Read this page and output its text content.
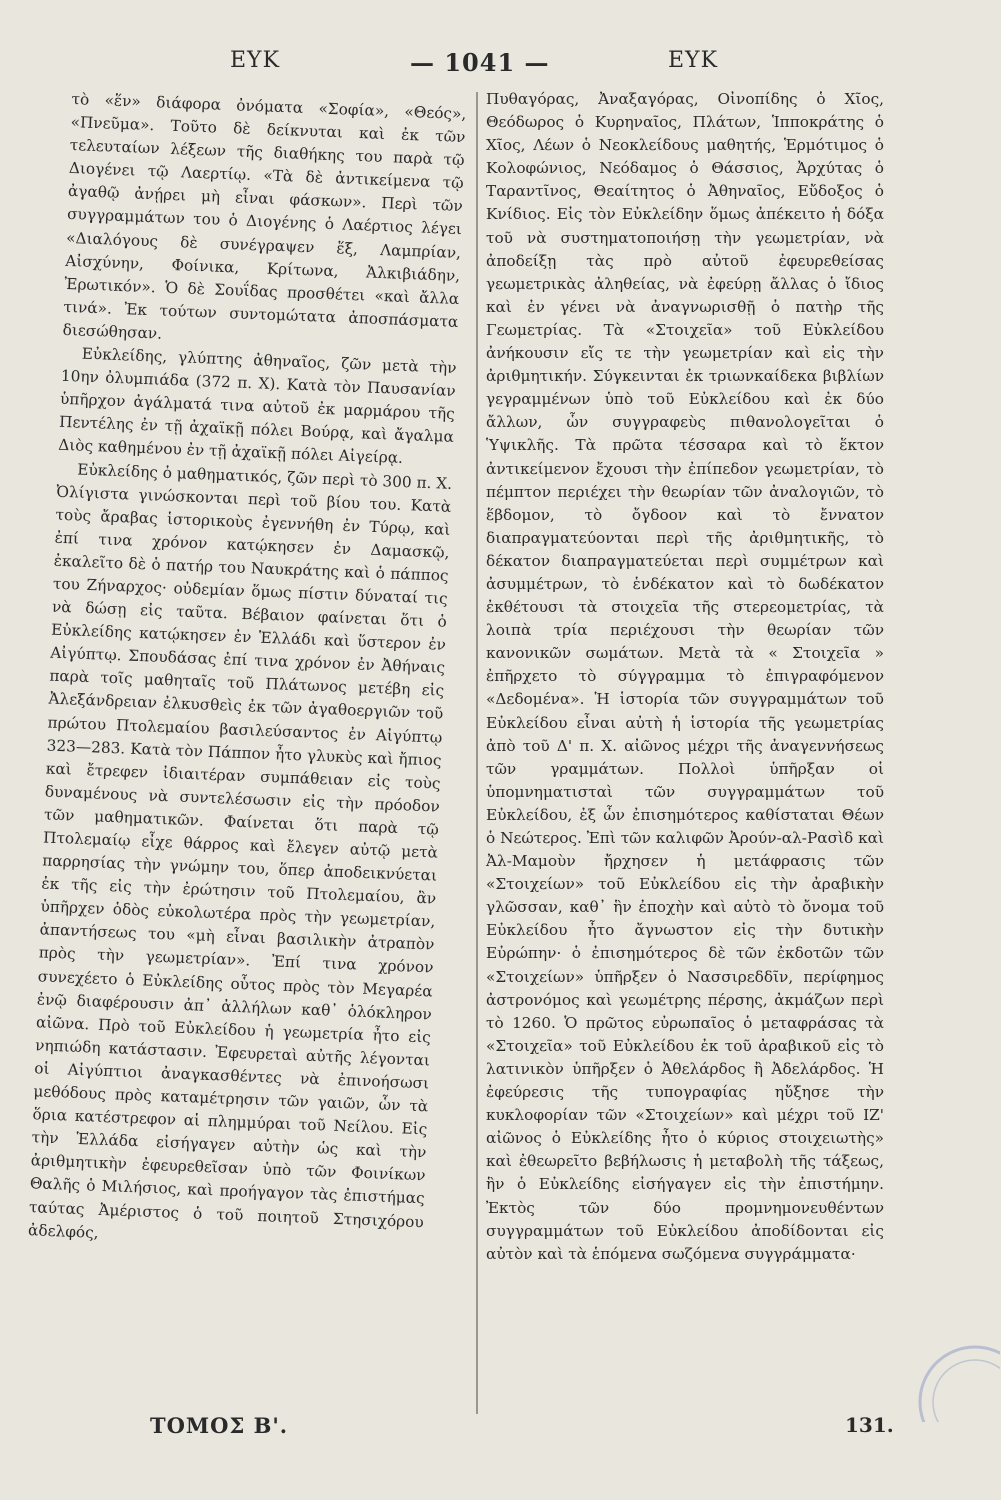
ΕΥΚ	— 1041 —	ΕΥΚ

τὸ «ἕν» διάφορα ὀνόματα «Σοφία», «Θεός», «Πνεῦμα». Τοῦτο δὲ δείκνυται καὶ ἐκ τῶν τελευταίων λέξεων τῆς διαθήκης του παρὰ τῷ Διογένει τῷ Λαερτίῳ. «Τὰ δὲ ἀντικείμενα τῷ ἀγαθῷ ἀνῄρει μὴ εἶναι φάσκων». Περὶ τῶν συγγραμμάτων του ὁ Διογένης ὁ Λαέρτιος λέγει «Διαλόγους δὲ συνέγραψεν ἕξ, Λαμπρίαν, Αἰσχύνην, Φοίνικα, Κρίτωνα, Ἀλκιβιάδην, Ἐρωτικόν». Ὁ δὲ Σουΐδας προσθέτει «καὶ ἄλλα τινά». Ἐκ τούτων συντομώτατα ἀποσπάσματα διεσώθησαν.

Εὐκλείδης, γλύπτης ἀθηναῖος, ζῶν μετὰ τὴν 10ην ὀλυμπιάδα (372 π. Χ). Κατὰ τὸν Παυσανίαν ὑπῆρχον ἀγάλματά τινα αὐτοῦ ἐκ μαρμάρου τῆς Πεντέλης ἐν τῇ ἀχαϊκῇ πόλει Βούρᾳ, καὶ ἄγαλμα Διὸς καθημένου ἐν τῇ ἀχαϊκῇ πόλει Αἰγείρᾳ.

Εὐκλείδης ὁ μαθηματικός, ζῶν περὶ τὸ 300 π. Χ. Ὀλίγιστα γινώσκονται περὶ τοῦ βίου του. Κατὰ τοὺς ἄραβας ἱστορικοὺς ἐγεννήθη ἐν Τύρῳ, καὶ ἐπί τινα χρόνον κατῴκησεν ἐν Δαμασκῷ, ἐκαλεῖτο δὲ ὁ πατήρ του Ναυκράτης καὶ ὁ πάππος του Ζήναρχος· οὐδεμίαν ὅμως πίστιν δύναταί τις νὰ δώσῃ εἰς ταῦτα. Βέβαιον φαίνεται ὅτι ὁ Εὐκλείδης κατῴκησεν ἐν Ἑλλάδι καὶ ὕστερον ἐν Αἰγύπτῳ. Σπουδάσας ἐπί τινα χρόνον ἐν Ἀθήναις παρὰ τοῖς μαθηταῖς τοῦ Πλάτωνος μετέβη εἰς Ἀλεξάνδρειαν ἐλκυσθεὶς ἐκ τῶν ἀγαθοεργιῶν τοῦ πρώτου Πτολεμαίου βασιλεύσαντος ἐν Αἰγύπτῳ 323—283. Κατὰ τὸν Πάππον ἦτο γλυκὺς καὶ ἤπιος καὶ ἔτρεφεν ἰδιαιτέραν συμπάθειαν εἰς τοὺς δυναμένους νὰ συντελέσωσιν εἰς τὴν πρόοδον τῶν μαθηματικῶν. Φαίνεται ὅτι παρὰ τῷ Πτολεμαίῳ εἶχε θάρρος καὶ ἔλεγεν αὐτῷ μετὰ παρρησίας τὴν γνώμην του, ὅπερ ἀποδεικνύεται ἐκ τῆς εἰς τὴν ἐρώτησιν τοῦ Πτολεμαίου, ἂν ὑπῆρχεν ὁδὸς εὐκολωτέρα πρὸς τὴν γεωμετρίαν, ἀπαντήσεως του «μὴ εἶναι βασιλικὴν ἀτραπὸν πρὸς τὴν γεωμετρίαν». Ἐπί τινα χρόνον συνεχέετο ὁ Εὐκλείδης οὗτος πρὸς τὸν Μεγαρέα ἐνῷ διαφέρουσιν ἀπ᾿ ἀλλήλων καθ᾿ ὁλόκληρον αἰῶνα. Πρὸ τοῦ Εὐκλείδου ἡ γεωμετρία ἦτο εἰς νηπιώδη κατάστασιν. Ἐφευρεταὶ αὐτῆς λέγονται οἱ Αἰγύπτιοι ἀναγκασθέντες νὰ ἐπινοήσωσι μεθόδους πρὸς καταμέτρησιν τῶν γαιῶν, ὧν τὰ ὅρια κατέστρεφον αἱ πλημμύραι τοῦ Νείλου. Εἰς τὴν Ἑλλάδα εἰσήγαγεν αὐτὴν ὡς καὶ τὴν ἀριθμητικὴν ἐφευρεθεῖσαν ὑπὸ τῶν Φοινίκων Θαλῆς ὁ Μιλήσιος, καὶ προήγαγον τὰς ἐπιστήμας ταύτας Ἀμέριστος ὁ τοῦ ποιητοῦ Στησιχόρου ἀδελφός,

Πυθαγόρας, Ἀναξαγόρας, Οἰνοπίδης ὁ Χῖος, Θεόδωρος ὁ Κυρηναῖος, Πλάτων, Ἱπποκράτης ὁ Χῖος, Λέων ὁ Νεοκλείδους μαθητής, Ἑρμότιμος ὁ Κολοφώνιος, Νεόδαμος ὁ Θάσσιος, Ἀρχύτας ὁ Ταραντῖνος, Θεαίτητος ὁ Ἀθηναῖος, Εὔδοξος ὁ Κνίδιος. Εἰς τὸν Εὐκλείδην ὅμως ἀπέκειτο ἡ δόξα τοῦ νὰ συστηματοποιήσῃ τὴν γεωμετρίαν, νὰ ἀποδείξῃ τὰς πρὸ αὐτοῦ ἐφευρεθείσας γεωμετρικὰς ἀληθείας, νὰ ἐφεύρῃ ἄλλας ὁ ἴδιος καὶ ἐν γένει νὰ ἀναγνωρισθῇ ὁ πατὴρ τῆς Γεωμετρίας. Τὰ «Στοιχεῖα» τοῦ Εὐκλείδου ἀνήκουσιν εἴς τε τὴν γεωμετρίαν καὶ εἰς τὴν ἀριθμητικήν. Σύγκεινται ἐκ τριωνκαίδεκα βιβλίων γεγραμμένων ὑπὸ τοῦ Εὐκλείδου καὶ ἐκ δύο ἄλλων, ὧν συγγραφεὺς πιθανολογεῖται ὁ Ὑψικλῆς. Τὰ πρῶτα τέσσαρα καὶ τὸ ἕκτον ἀντικείμενον ἔχουσι τὴν ἐπίπεδον γεωμετρίαν, τὸ πέμπτον περιέχει τὴν θεωρίαν τῶν ἀναλογιῶν, τὸ ἕβδομον, τὸ ὄγδοον καὶ τὸ ἔννατον διαπραγματεύονται περὶ τῆς ἀριθμητικῆς, τὸ δέκατον διαπραγματεύεται περὶ συμμέτρων καὶ ἀσυμμέτρων, τὸ ἑνδέκατον καὶ τὸ δωδέκατον ἐκθέτουσι τὰ στοιχεῖα τῆς στερεομετρίας, τὰ λοιπὰ τρία περιέχουσι τὴν θεωρίαν τῶν κανονικῶν σωμάτων. Μετὰ τὰ « Στοιχεῖα » ἐπῆρχετο τὸ σύγγραμμα τὸ ἐπιγραφόμενον «Δεδομένα». Ἡ ἱστορία τῶν συγγραμμάτων τοῦ Εὐκλείδου εἶναι αὐτὴ ἡ ἱστορία τῆς γεωμετρίας ἀπὸ τοῦ Δ' π. Χ. αἰῶνος μέχρι τῆς ἀναγεννήσεως τῶν γραμμάτων. Πολλοὶ ὑπῆρξαν οἱ ὑπομνηματισταὶ τῶν συγγραμμάτων τοῦ Εὐκλείδου, ἐξ ὧν ἐπισημότερος καθίσταται Θέων ὁ Νεώτερος. Ἐπὶ τῶν καλιφῶν Ἀρούν-αλ-Ρασὶδ καὶ Ἀλ-Μαμοὺν ἤρχησεν ἡ μετάφρασις τῶν «Στοιχείων» τοῦ Εὐκλείδου εἰς τὴν ἀραβικὴν γλῶσσαν, καθ᾿ ἣν ἐποχὴν καὶ αὐτὸ τὸ ὄνομα τοῦ Εὐκλείδου ἦτο ἄγνωστον εἰς τὴν δυτικὴν Εὐρώπην· ὁ ἐπισημότερος δὲ τῶν ἐκδοτῶν τῶν «Στοιχείων» ὑπῆρξεν ὁ Νασσιρεδδῖν, περίφημος ἀστρονόμος καὶ γεωμέτρης πέρσης, ἀκμάζων περὶ τὸ 1260. Ὁ πρῶτος εὐρωπαῖος ὁ μεταφράσας τὰ «Στοιχεῖα» τοῦ Εὐκλείδου ἐκ τοῦ ἀραβικοῦ εἰς τὸ λατινικὸν ὑπῆρξεν ὁ Ἀθελάρδος ἢ Ἀδελάρδος. Ἡ ἐφεύρεσις τῆς τυπογραφίας ηὔξησε τὴν κυκλοφορίαν τῶν «Στοιχείων» καὶ μέχρι τοῦ ΙΖ' αἰῶνος ὁ Εὐκλείδης ἦτο ὁ κύριος στοιχειωτὴς» καὶ ἐθεωρεῖτο βεβήλωσις ἡ μεταβολὴ τῆς τάξεως, ἣν ὁ Εὐκλείδης εἰσήγαγεν εἰς τὴν ἐπιστήμην. Ἐκτὸς τῶν δύο προμνημονευθέντων συγγραμμάτων τοῦ Εὐκλείδου ἀποδίδονται εἰς αὐτὸν καὶ τὰ ἑπόμενα σωζόμενα συγγράμματα·

ΤΟΜΟΣ Β'.	131.
